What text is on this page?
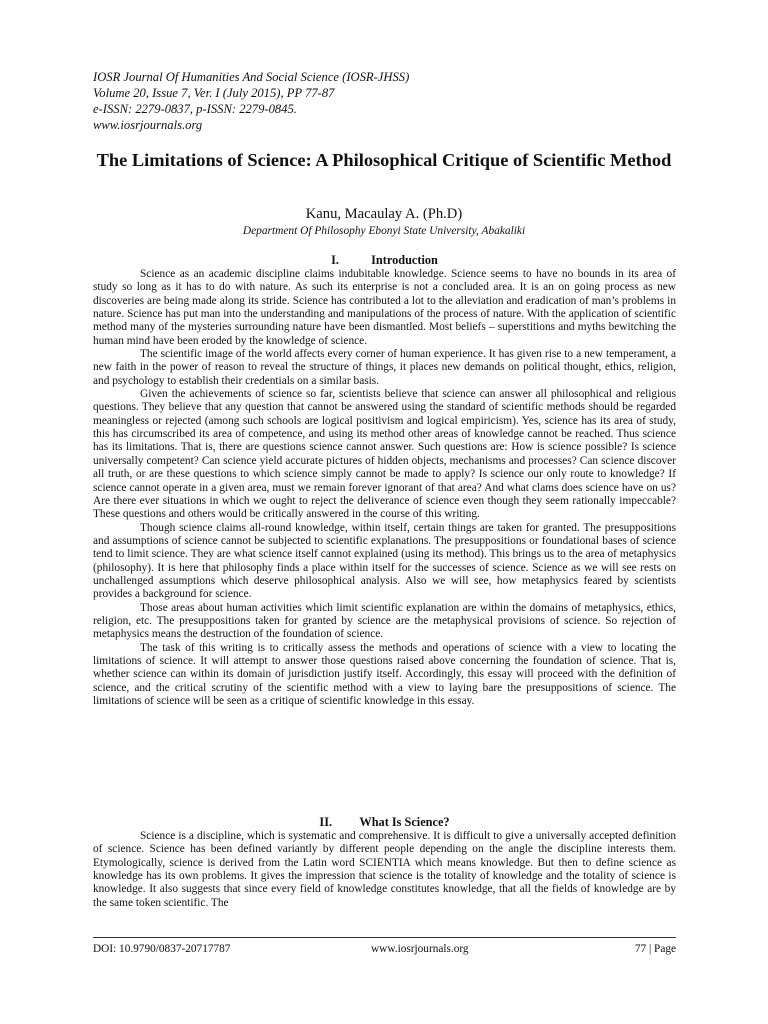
IOSR Journal Of Humanities And Social Science (IOSR-JHSS)
Volume 20, Issue 7, Ver. I (July 2015), PP 77-87
e-ISSN: 2279-0837, p-ISSN: 2279-0845.
www.iosrjournals.org
The Limitations of Science: A Philosophical Critique of Scientific Method
Kanu, Macaulay A. (Ph.D)
Department Of Philosophy Ebonyi State University, Abakaliki
I.	Introduction

Science as an academic discipline claims indubitable knowledge. Science seems to have no bounds in its area of study so long as it has to do with nature. As such its enterprise is not a concluded area. It is an on going process as new discoveries are being made along its stride. Science has contributed a lot to the alleviation and eradication of man’s problems in nature. Science has put man into the understanding and manipulations of the process of nature. With the application of scientific method many of the mysteries surrounding nature have been dismantled. Most beliefs – superstitions and myths bewitching the human mind have been eroded by the knowledge of science.

The scientific image of the world affects every corner of human experience. It has given rise to a new temperament, a new faith in the power of reason to reveal the structure of things, it places new demands on political thought, ethics, religion, and psychology to establish their credentials on a similar basis.

Given the achievements of science so far, scientists believe that science can answer all philosophical and religious questions. They believe that any question that cannot be answered using the standard of scientific methods should be regarded meaningless or rejected (among such schools are logical positivism and logical empiricism). Yes, science has its area of study, this has circumscribed its area of competence, and using its method other areas of knowledge cannot be reached. Thus science has its limitations. That is, there are questions science cannot answer. Such questions are: How is science possible? Is science universally competent? Can science yield accurate pictures of hidden objects, mechanisms and processes? Can science discover all truth, or are these questions to which science simply cannot be made to apply? Is science our only route to knowledge? If science cannot operate in a given area, must we remain forever ignorant of that area? And what clams does science have on us? Are there ever situations in which we ought to reject the deliverance of science even though they seem rationally impeccable? These questions and others would be critically answered in the course of this writing.

Though science claims all-round knowledge, within itself, certain things are taken for granted. The presuppositions and assumptions of science cannot be subjected to scientific explanations. The presuppositions or foundational bases of science tend to limit science. They are what science itself cannot explained (using its method). This brings us to the area of metaphysics (philosophy). It is here that philosophy finds a place within itself for the successes of science. Science as we will see rests on unchallenged assumptions which deserve philosophical analysis. Also we will see, how metaphysics feared by scientists provides a background for science.

Those areas about human activities which limit scientific explanation are within the domains of metaphysics, ethics, religion, etc. The presuppositions taken for granted by science are the metaphysical provisions of science. So rejection of metaphysics means the destruction of the foundation of science.

The task of this writing is to critically assess the methods and operations of science with a view to locating the limitations of science. It will attempt to answer those questions raised above concerning the foundation of science. That is, whether science can within its domain of jurisdiction justify itself. Accordingly, this essay will proceed with the definition of science, and the critical scrutiny of the scientific method with a view to laying bare the presuppositions of science. The limitations of science will be seen as a critique of scientific knowledge in this essay.

II. What Is Science?

Science is a discipline, which is systematic and comprehensive. It is difficult to give a universally accepted definition of science. Science has been defined variantly by different people depending on the angle the discipline interests them. Etymologically, science is derived from the Latin word SCIENTIA which means knowledge. But then to define science as knowledge has its own problems. It gives the impression that science is the totality of knowledge and the totality of science is knowledge. It also suggests that since every field of knowledge constitutes knowledge, that all the fields of knowledge are by the same token scientific. The

DOI: 10.9790/0837-20717787	www.iosrjournals.org	77 | Page
